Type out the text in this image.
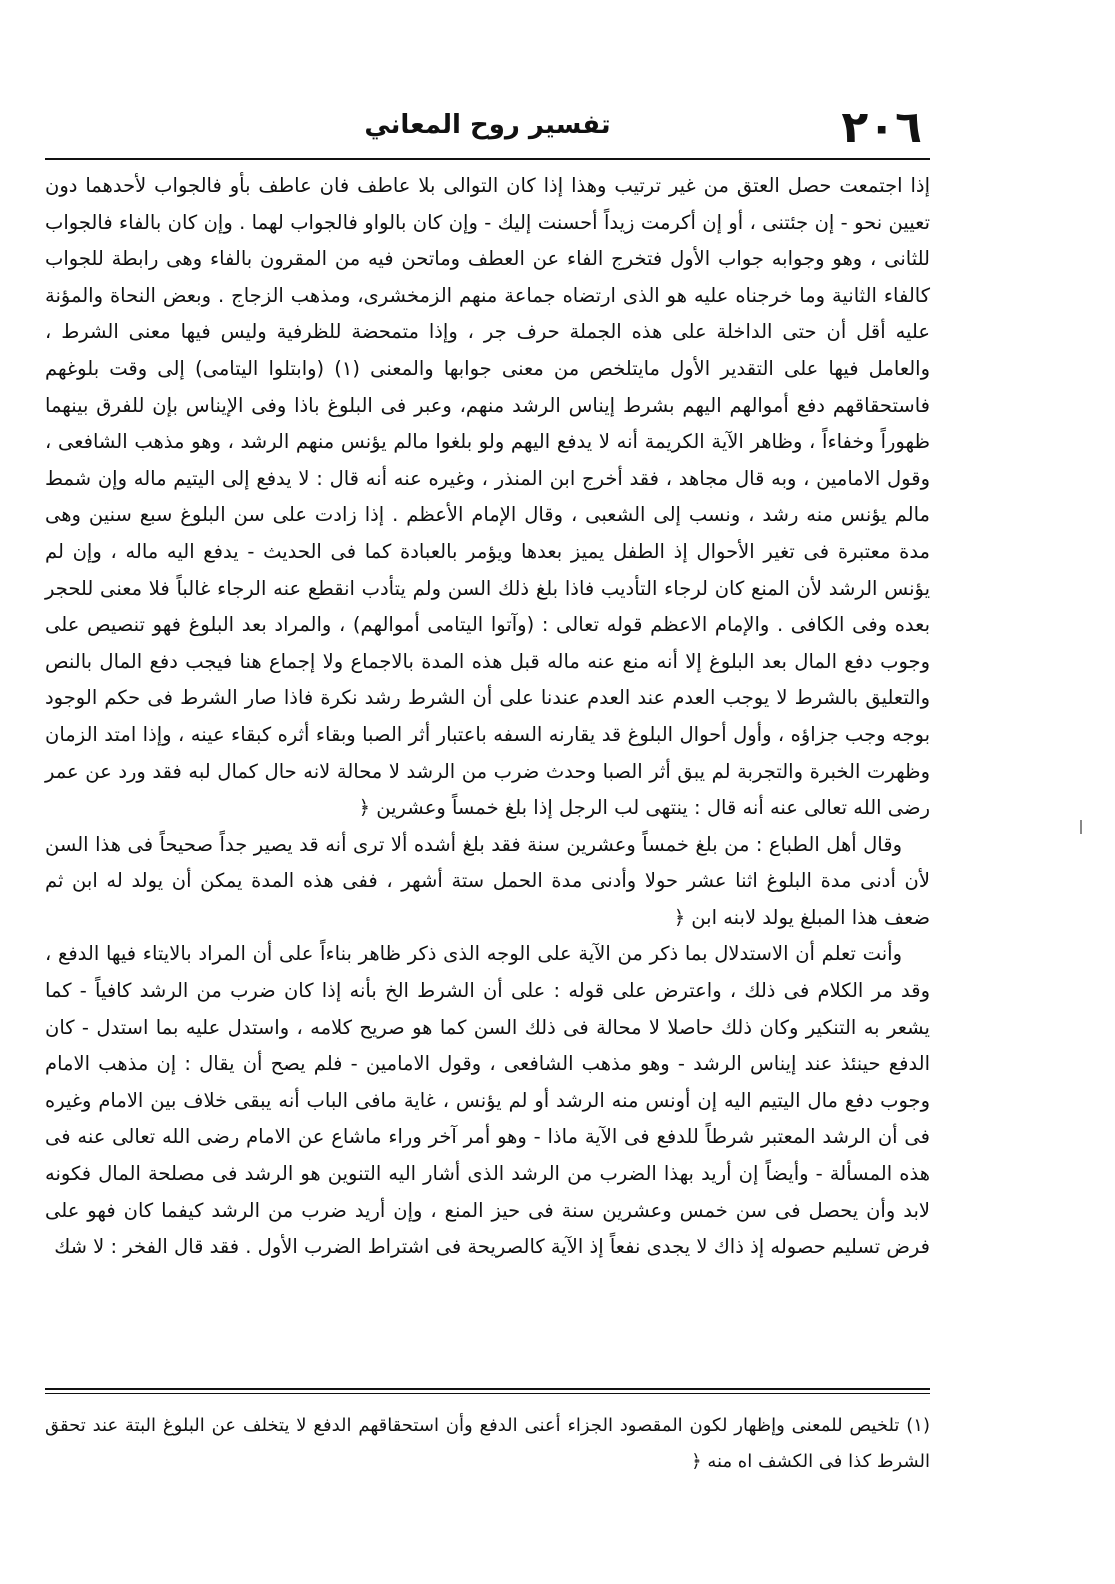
٢٠٦
تفسير روح المعاني

إذا اجتمعت حصل العتق من غير ترتيب وهذا إذا كان التوالى بلا عاطف فان عاطف بأو فالجواب لأحدهما دون تعيين نحو - إن جئتنى ، أو إن أكرمت زيداً أحسنت إليك - وإن كان بالواو فالجواب لهما . وإن كان بالفاء فالجواب للثانى ، وهو وجوابه جواب الأول فتخرج الفاء عن العطف وماتحن فيه من المقرون بالفاء وهى رابطة للجواب كالفاء الثانية وما خرجناه عليه هو الذى ارتضاه جماعة منهم الزمخشرى، ومذهب الزجاج . وبعض النحاة والمؤنة عليه أقل أن حتى الداخلة على هذه الجملة حرف جر ، وإذا متمحضة للظرفية وليس فيها معنى الشرط ، والعامل فيها على التقدير الأول مايتلخص من معنى جوابها والمعنى (١) (وابتلوا اليتامى) إلى وقت بلوغهم فاستحقاقهم دفع أموالهم اليهم بشرط إيناس الرشد منهم، وعبر فى البلوغ باذا وفى الإيناس بإن للفرق بينهما ظهوراً وخفاءاً ، وظاهر الآية الكريمة أنه لا يدفع اليهم ولو بلغوا مالم يؤنس منهم الرشد ، وهو مذهب الشافعى ، وقول الامامين ، وبه قال مجاهد ، فقد أخرج ابن المنذر ، وغيره عنه أنه قال : لا يدفع إلى اليتيم ماله وإن شمط مالم يؤنس منه رشد ، ونسب إلى الشعبى ، وقال الإمام الأعظم . إذا زادت على سن البلوغ سبع سنين وهى مدة معتبرة فى تغير الأحوال إذ الطفل يميز بعدها ويؤمر بالعبادة كما فى الحديث - يدفع اليه ماله ، وإن لم يؤنس الرشد لأن المنع كان لرجاء التأديب فاذا بلغ ذلك السن ولم يتأدب انقطع عنه الرجاء غالباً فلا معنى للحجر بعده وفى الكافى . والإمام الاعظم قوله تعالى : (وآتوا اليتامى أموالهم) ، والمراد بعد البلوغ فهو تنصيص على وجوب دفع المال بعد البلوغ إلا أنه منع عنه ماله قبل هذه المدة بالاجماع ولا إجماع هنا فيجب دفع المال بالنص والتعليق بالشرط لا يوجب العدم عند العدم عندنا على أن الشرط رشد نكرة فاذا صار الشرط فى حكم الوجود بوجه وجب جزاؤه ، وأول أحوال البلوغ قد يقارنه السفه باعتبار أثر الصبا وبقاء أثره كبقاء عينه ، وإذا امتد الزمان وظهرت الخبرة والتجربة لم يبق أثر الصبا وحدث ضرب من الرشد لا محالة لانه حال كمال لبه فقد ورد عن عمر رضى الله تعالى عنه أنه قال : ينتهى لب الرجل إذا بلغ خمساً وعشرين ﴿

وقال أهل الطباع : من بلغ خمساً وعشرين سنة فقد بلغ أشده ألا ترى أنه قد يصير جداً صحيحاً فى هذا السن لأن أدنى مدة البلوغ اثنا عشر حولا وأدنى مدة الحمل ستة أشهر ، ففى هذه المدة يمكن أن يولد له ابن ثم ضعف هذا المبلغ يولد لابنه ابن ﴿

وأنت تعلم أن الاستدلال بما ذكر من الآية على الوجه الذى ذكر ظاهر بناءاً على أن المراد بالايتاء فيها الدفع ، وقد مر الكلام فى ذلك ، واعترض على قوله : على أن الشرط الخ بأنه إذا كان ضرب من الرشد كافياً - كما يشعر به التنكير وكان ذلك حاصلا لا محالة فى ذلك السن كما هو صريح كلامه ، واستدل عليه بما استدل - كان الدفع حينئذ عند إيناس الرشد - وهو مذهب الشافعى ، وقول الامامين - فلم يصح أن يقال : إن مذهب الامام وجوب دفع مال اليتيم اليه إن أونس منه الرشد أو لم يؤنس ، غاية مافى الباب أنه يبقى خلاف بين الامام وغيره فى أن الرشد المعتبر شرطاً للدفع فى الآية ماذا - وهو أمر آخر وراء ماشاع عن الامام رضى الله تعالى عنه فى هذه المسألة - وأيضاً إن أريد بهذا الضرب من الرشد الذى أشار اليه التنوين هو الرشد فى مصلحة المال فكونه لابد وأن يحصل فى سن خمس وعشرين سنة فى حيز المنع ، وإن أريد ضرب من الرشد كيفما كان فهو على فرض تسليم حصوله إذ ذاك لا يجدى نفعاً إذ الآية كالصريحة فى اشتراط الضرب الأول . فقد قال الفخر : لا شك

(١) تلخيص للمعنى وإظهار لكون المقصود الجزاء أعنى الدفع وأن استحقاقهم الدفع لا يتخلف عن البلوغ البتة عند تحقق الشرط كذا فى الكشف اه منه ﴿
